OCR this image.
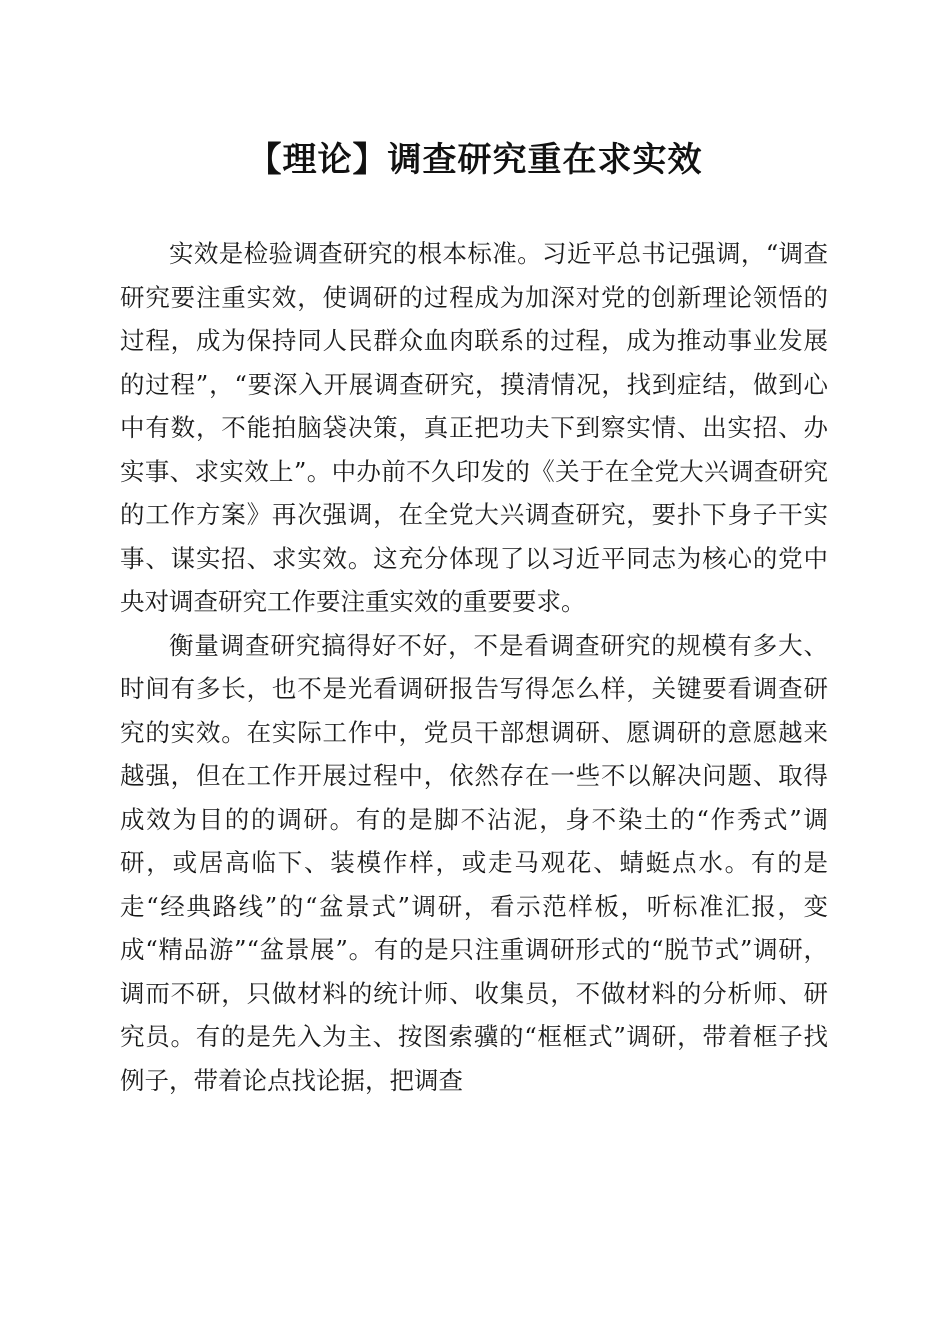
【理论】调查研究重在求实效

实效是检验调查研究的根本标准。习近平总书记强调，“调查研究要注重实效，使调研的过程成为加深对党的创新理论领悟的过程，成为保持同人民群众血肉联系的过程，成为推动事业发展的过程”，“要深入开展调查研究，摸清情况，找到症结，做到心中有数，不能拍脑袋决策，真正把功夫下到察实情、出实招、办实事、求实效上”。中办前不久印发的《关于在全党大兴调查研究的工作方案》再次强调，在全党大兴调查研究，要扑下身子干实事、谋实招、求实效。这充分体现了以习近平同志为核心的党中央对调查研究工作要注重实效的重要要求。

衡量调查研究搞得好不好，不是看调查研究的规模有多大、时间有多长，也不是光看调研报告写得怎么样，关键要看调查研究的实效。在实际工作中，党员干部想调研、愿调研的意愿越来越强，但在工作开展过程中，依然存在一些不以解决问题、取得成效为目的的调研。有的是脚不沾泥，身不染土的“作秀式”调研，或居高临下、装模作样，或走马观花、蜻蜓点水。有的是走“经典路线”的“盆景式”调研，看示范样板，听标准汇报，变成“精品游”“盆景展”。有的是只注重调研形式的“脱节式”调研，调而不研，只做材料的统计师、收集员，不做材料的分析师、研究员。有的是先入为主、按图索骥的“框框式”调研，带着框子找例子，带着论点找论据，把调查
